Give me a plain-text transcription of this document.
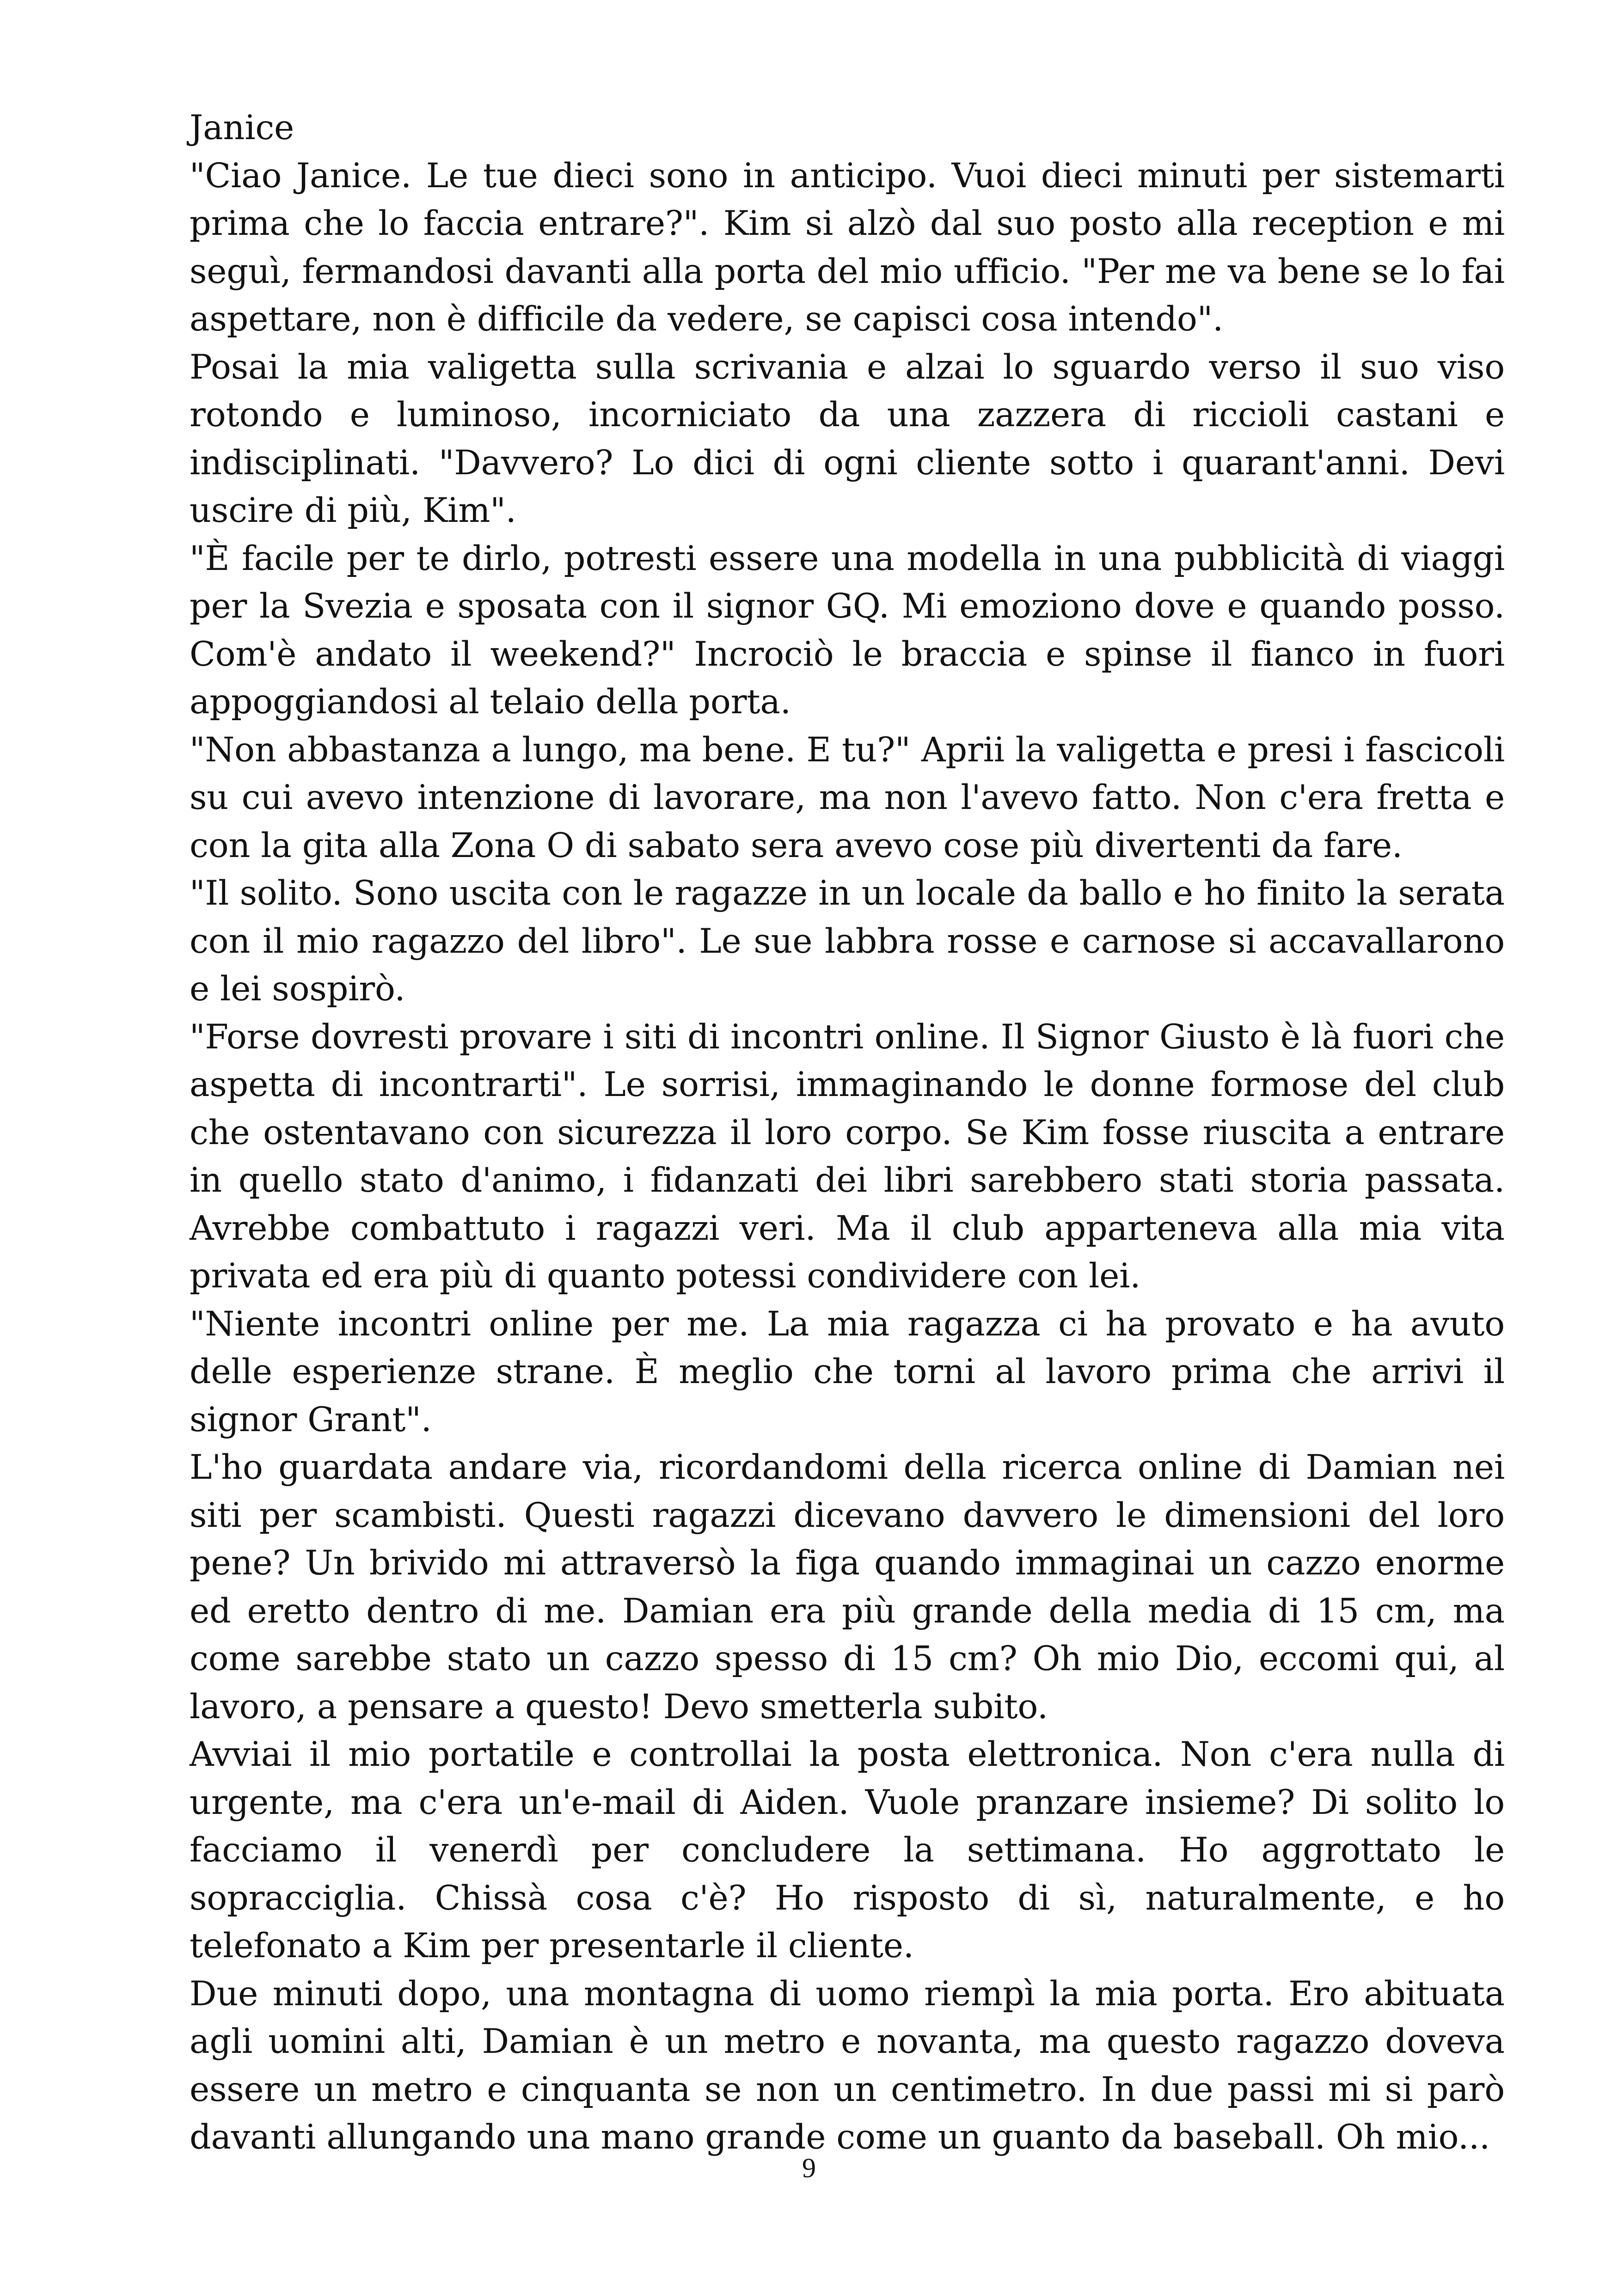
Janice

"Ciao Janice. Le tue dieci sono in anticipo. Vuoi dieci minuti per sistemarti prima che lo faccia entrare?". Kim si alzò dal suo posto alla reception e mi seguì, fermandosi davanti alla porta del mio ufficio. "Per me va bene se lo fai aspettare, non è difficile da vedere, se capisci cosa intendo".

Posai la mia valigetta sulla scrivania e alzai lo sguardo verso il suo viso rotondo e luminoso, incorniciato da una zazzera di riccioli castani e indisciplinati. "Davvero? Lo dici di ogni cliente sotto i quarant'anni. Devi uscire di più, Kim".

"È facile per te dirlo, potresti essere una modella in una pubblicità di viaggi per la Svezia e sposata con il signor GQ. Mi emoziono dove e quando posso. Com'è andato il weekend?" Incrociò le braccia e spinse il fianco in fuori appoggiandosi al telaio della porta.

"Non abbastanza a lungo, ma bene. E tu?" Aprii la valigetta e presi i fascicoli su cui avevo intenzione di lavorare, ma non l'avevo fatto. Non c'era fretta e con la gita alla Zona O di sabato sera avevo cose più divertenti da fare.

"Il solito. Sono uscita con le ragazze in un locale da ballo e ho finito la serata con il mio ragazzo del libro". Le sue labbra rosse e carnose si accavallarono e lei sospirò.

"Forse dovresti provare i siti di incontri online. Il Signor Giusto è là fuori che aspetta di incontrarti". Le sorrisi, immaginando le donne formose del club che ostentavano con sicurezza il loro corpo. Se Kim fosse riuscita a entrare in quello stato d'animo, i fidanzati dei libri sarebbero stati storia passata. Avrebbe combattuto i ragazzi veri. Ma il club apparteneva alla mia vita privata ed era più di quanto potessi condividere con lei.

"Niente incontri online per me. La mia ragazza ci ha provato e ha avuto delle esperienze strane. È meglio che torni al lavoro prima che arrivi il signor Grant".

L'ho guardata andare via, ricordandomi della ricerca online di Damian nei siti per scambisti. Questi ragazzi dicevano davvero le dimensioni del loro pene? Un brivido mi attraversò la figa quando immaginai un cazzo enorme ed eretto dentro di me. Damian era più grande della media di 15 cm, ma come sarebbe stato un cazzo spesso di 15 cm? Oh mio Dio, eccomi qui, al lavoro, a pensare a questo! Devo smetterla subito.

Avviai il mio portatile e controllai la posta elettronica. Non c'era nulla di urgente, ma c'era un'e-mail di Aiden. Vuole pranzare insieme? Di solito lo facciamo il venerdì per concludere la settimana. Ho aggrottato le sopracciglia. Chissà cosa c'è? Ho risposto di sì, naturalmente, e ho telefonato a Kim per presentarle il cliente.

Due minuti dopo, una montagna di uomo riempì la mia porta. Ero abituata agli uomini alti, Damian è un metro e novanta, ma questo ragazzo doveva essere un metro e cinquanta se non un centimetro. In due passi mi si parò davanti allungando una mano grande come un guanto da baseball. Oh mio...

9
